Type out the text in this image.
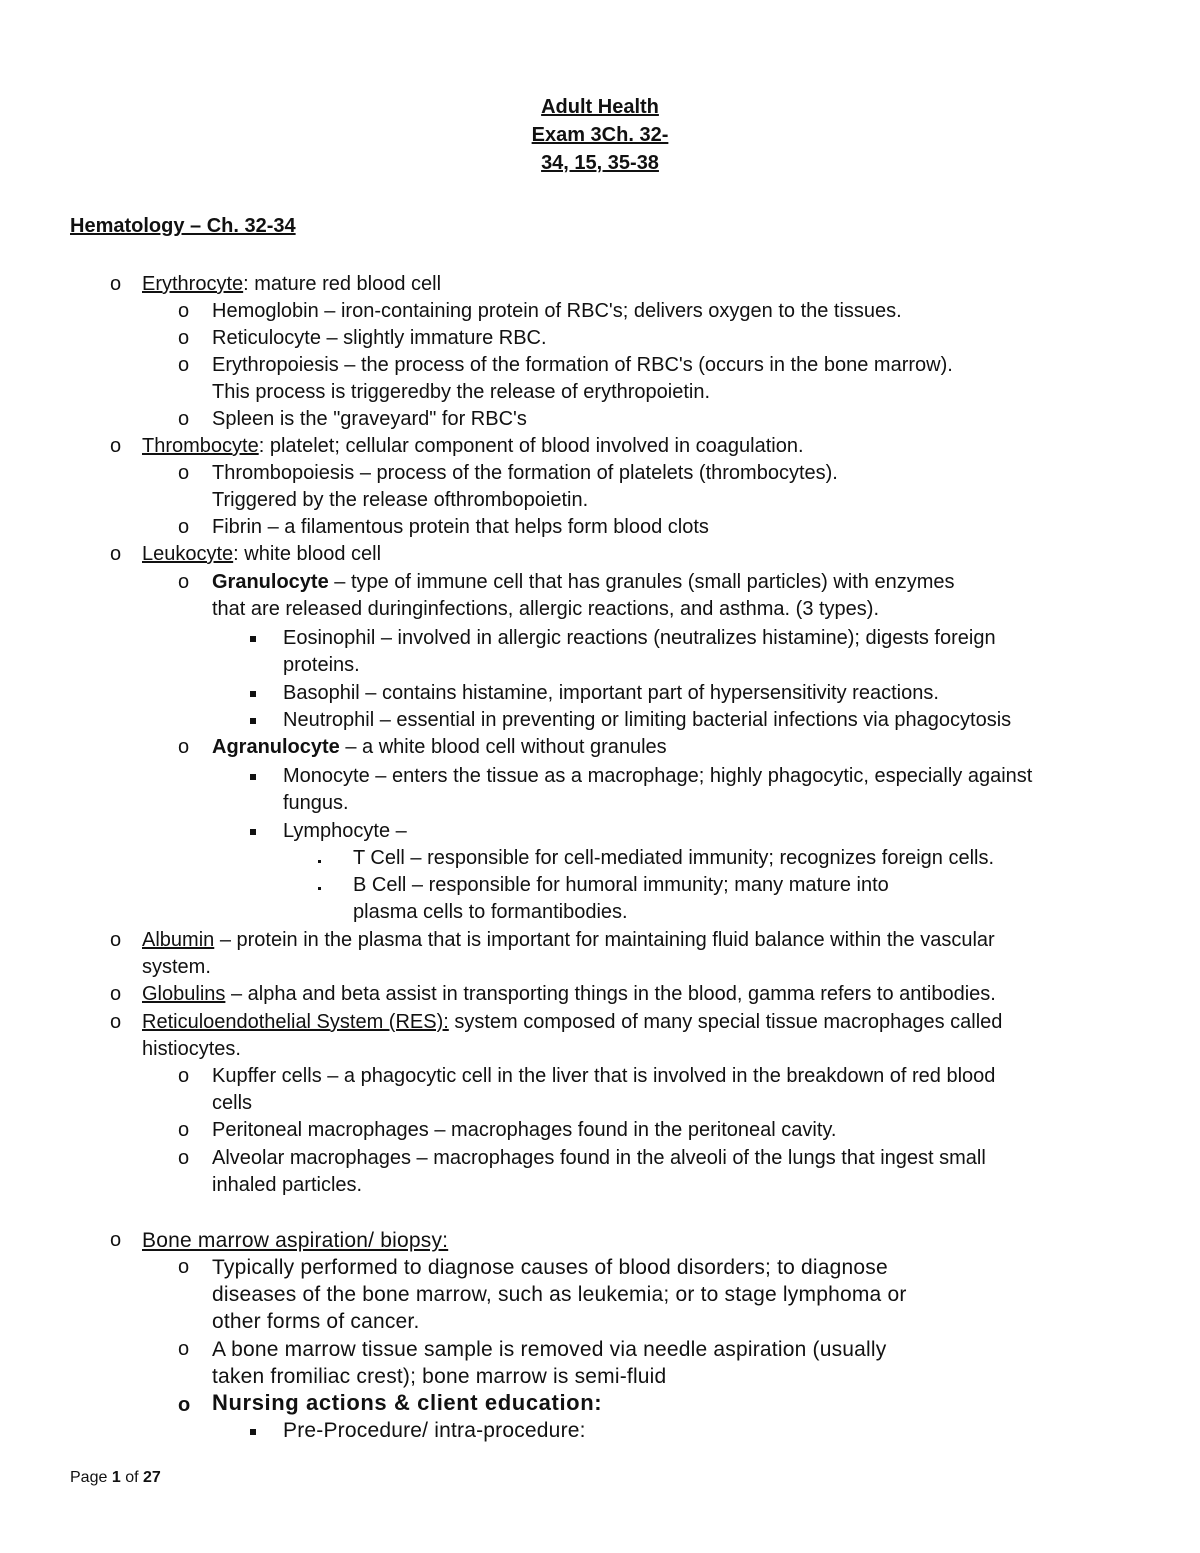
Adult Health
Exam 3Ch. 32-
34, 15, 35-38
Hematology – Ch. 32-34
o Erythrocyte: mature red blood cell
o Hemoglobin – iron-containing protein of RBC's; delivers oxygen to the tissues.
o Reticulocyte – slightly immature RBC.
o Erythropoiesis – the process of the formation of RBC's (occurs in the bone marrow).
This process is triggeredby the release of erythropoietin.
o Spleen is the "graveyard" for RBC's
o Thrombocyte: platelet; cellular component of blood involved in coagulation.
o Thrombopoiesis – process of the formation of platelets (thrombocytes).
Triggered by the release ofthrombopoietin.
o Fibrin – a filamentous protein that helps form blood clots
o Leukocyte: white blood cell
o Granulocyte – type of immune cell that has granules (small particles) with enzymes
that are released duringinfections, allergic reactions, and asthma. (3 types).
Eosinophil – involved in allergic reactions (neutralizes histamine); digests foreign
proteins.
Basophil – contains histamine, important part of hypersensitivity reactions.
Neutrophil – essential in preventing or limiting bacterial infections via phagocytosis
o Agranulocyte – a white blood cell without granules
Monocyte – enters the tissue as a macrophage; highly phagocytic, especially against
fungus.
Lymphocyte –
T Cell – responsible for cell-mediated immunity; recognizes foreign cells.
B Cell – responsible for humoral immunity; many mature into
plasma cells to formantibodies.
o Albumin – protein in the plasma that is important for maintaining fluid balance within the vascular
system.
o Globulins – alpha and beta assist in transporting things in the blood, gamma refers to antibodies.
o Reticuloendothelial System (RES): system composed of many special tissue macrophages called
histiocytes.
o Kupffer cells – a phagocytic cell in the liver that is involved in the breakdown of red blood
cells
o Peritoneal macrophages – macrophages found in the peritoneal cavity.
o Alveolar macrophages – macrophages found in the alveoli of the lungs that ingest small
inhaled particles.
o Bone marrow aspiration/ biopsy:
o Typically performed to diagnose causes of blood disorders; to diagnose
diseases of the bone marrow, such as leukemia; or to stage lymphoma or
other forms of cancer.
o A bone marrow tissue sample is removed via needle aspiration (usually
taken fromiliac crest); bone marrow is semi-fluid
o Nursing actions & client education:
Pre-Procedure/ intra-procedure:
Page 1 of 27
